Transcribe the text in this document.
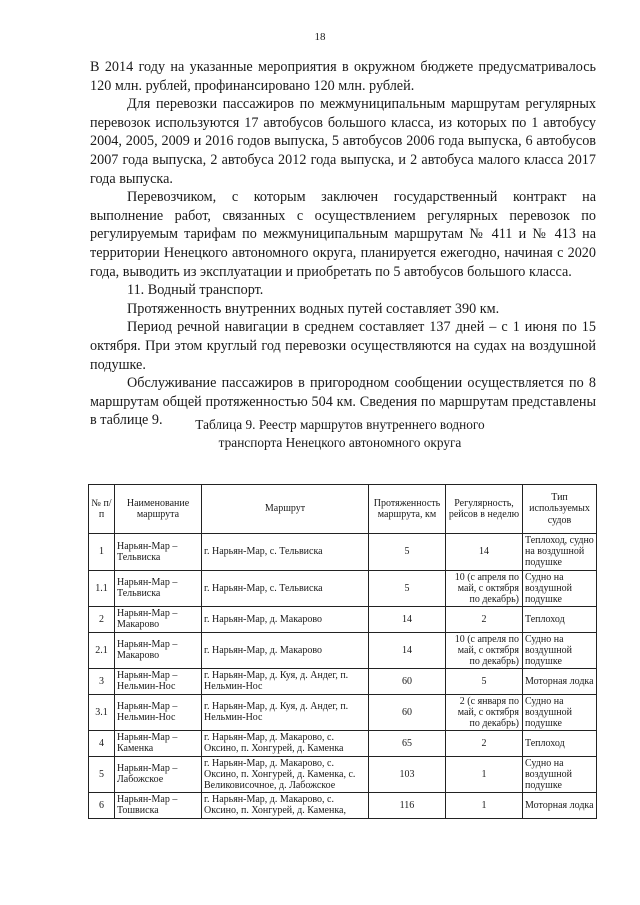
18

В 2014 году на указанные мероприятия в окружном бюджете предусматривалось 120 млн. рублей, профинансировано 120 млн. рублей.

Для перевозки пассажиров по межмуниципальным маршрутам регулярных перевозок используются 17 автобусов большого класса, из которых по 1 автобусу 2004, 2005, 2009 и 2016 годов выпуска, 5 автобусов 2006 года выпуска, 6 автобусов 2007 года выпуска, 2 автобуса 2012 года выпуска, и 2 автобуса малого класса 2017 года выпуска.

Перевозчиком, с которым заключен государственный контракт на выполнение работ, связанных с осуществлением регулярных перевозок по регулируемым тарифам по межмуниципальным маршрутам № 411 и № 413 на территории Ненецкого автономного округа, планируется ежегодно, начиная с 2020 года, выводить из эксплуатации и приобретать по 5 автобусов большого класса.

11. Водный транспорт.

Протяженность внутренних водных путей составляет 390 км.

Период речной навигации в среднем составляет 137 дней – с 1 июня по 15 октября. При этом круглый год перевозки осуществляются на судах на воздушной подушке.

Обслуживание пассажиров в пригородном сообщении осуществляется по 8 маршрутам общей протяженностью 504 км. Сведения по маршрутам представлены в таблице 9.	Таблица 9. Реестр маршрутов внутреннего водного
транспорта Ненецкого автономного округа
№ п/п	Наименование маршрута	Маршрут	Протяженность маршрута, км	Регулярность, рейсов в неделю	Тип используемых судов
1	Нарьян-Мар – Тельвиска	г. Нарьян-Мар, с. Тельвиска	5	14	Теплоход, судно на воздушной подушке
1.1	Нарьян-Мар – Тельвиска	г. Нарьян-Мар, с. Тельвиска	5	10 (с апреля по май, с октября по декабрь)	Судно на воздушной подушке
2	Нарьян-Мар – Макарово	г. Нарьян-Мар, д. Макарово	14	2	Теплоход
2.1	Нарьян-Мар – Макарово	г. Нарьян-Мар, д. Макарово	14	10 (с апреля по май, с октября по декабрь)	Судно на воздушной подушке
3	Нарьян-Мар – Нельмин-Нос	г. Нарьян-Мар, д. Куя, д. Андег, п. Нельмин-Нос	60	5	Моторная лодка
3.1	Нарьян-Мар – Нельмин-Нос	г. Нарьян-Мар, д. Куя, д. Андег, п. Нельмин-Нос	60	2 (с января по май, с октября по декабрь)	Судно на воздушной подушке
4	Нарьян-Мар – Каменка	г. Нарьян-Мар, д. Макарово, с. Оксино, п. Хонгурей, д. Каменка	65	2	Теплоход
5	Нарьян-Мар – Лабожское	г. Нарьян-Мар, д. Макарово, с. Оксино, п. Хонгурей, д. Каменка, с. Великовисочное, д. Лабожское	103	1	Судно на воздушной подушке
6	Нарьян-Мар – Тошвиска	г. Нарьян-Мар, д. Макарово, с. Оксино, п. Хонгурей, д. Каменка,	116	1	Моторная лодка
